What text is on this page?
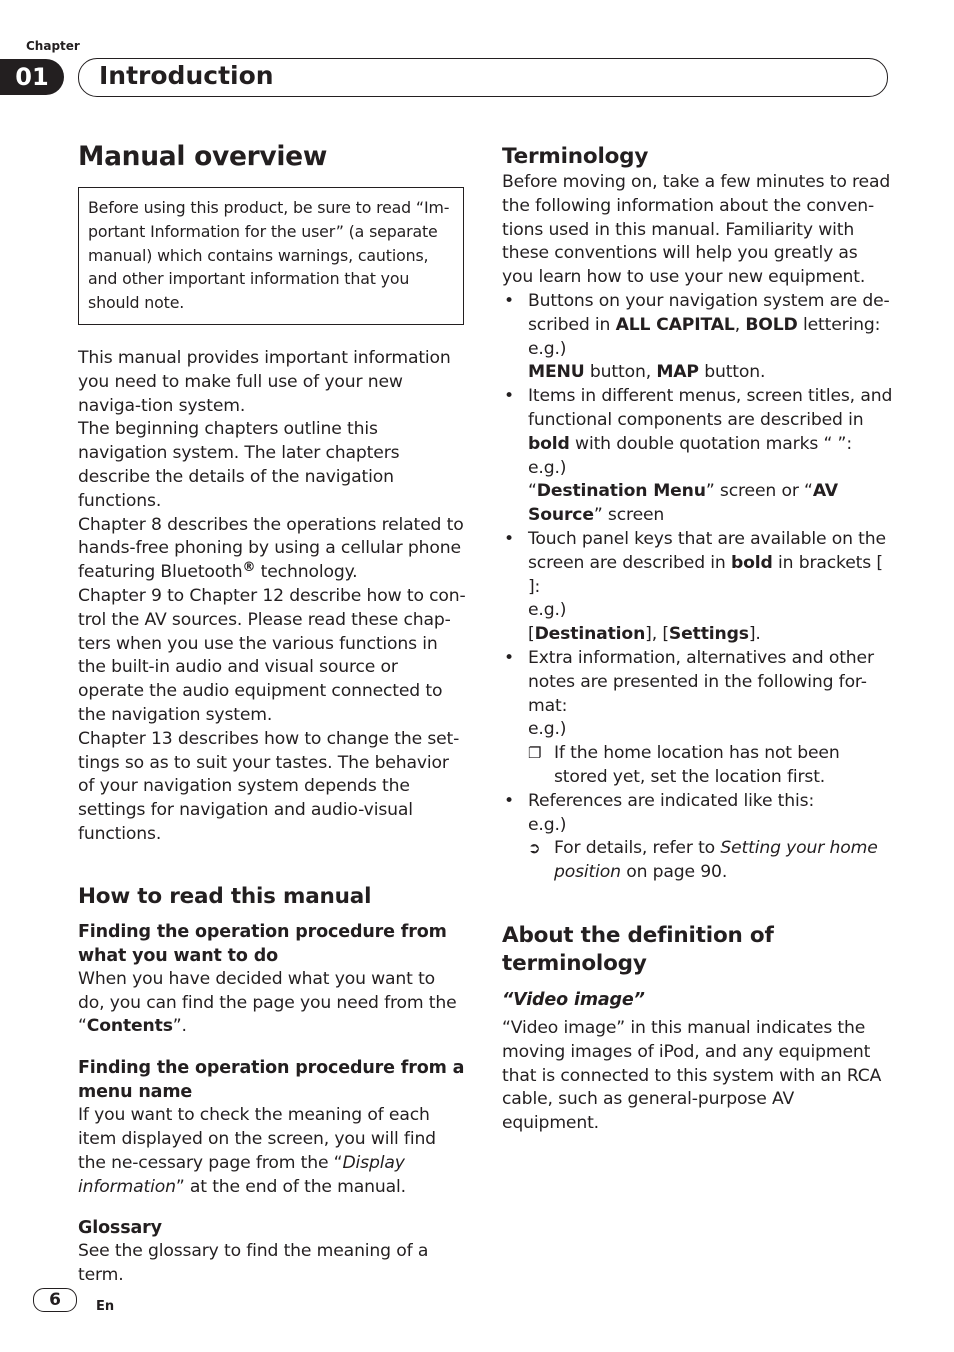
Chapter
01	Introduction
Manual overview
Before using this product, be sure to read “Im-portant Information for the user” (a separate manual) which contains warnings, cautions, and other important information that you should note.

This manual provides important information you need to make full use of your new naviga-tion system.

The beginning chapters outline this navigation system. The later chapters describe the details of the navigation functions.

Chapter 8 describes the operations related to hands-free phoning by using a cellular phone featuring Bluetooth® technology.

Chapter 9 to Chapter 12 describe how to con-trol the AV sources. Please read these chap-ters when you use the various functions in the built-in audio and visual source or operate the audio equipment connected to the navigation system.

Chapter 13 describes how to change the set-tings so as to suit your tastes. The behavior of your navigation system depends the settings for navigation and audio-visual functions.

How to read this manual
Finding the operation procedure from what you want to do

When you have decided what you want to do, you can find the page you need from the “Contents”.

Finding the operation procedure from a menu name

If you want to check the meaning of each item displayed on the screen, you will find the ne-cessary page from the “Display information” at the end of the manual.

Glossary

See the glossary to find the meaning of a term.

Terminology

Before moving on, take a few minutes to read the following information about the conven-tions used in this manual. Familiarity with these conventions will help you greatly as you learn how to use your new equipment.

• Buttons on your navigation system are de-scribed in ALL CAPITAL, BOLD lettering:
e.g.)
MENU button, MAP button.
• Items in different menus, screen titles, and functional components are described in bold with double quotation marks “ ”:
e.g.)
“Destination Menu” screen or “AV Source” screen
• Touch panel keys that are available on the screen are described in bold in brackets [ ]:
e.g.)
[Destination], [Settings].
• Extra information, alternatives and other notes are presented in the following for-mat:
e.g.)
❐ If the home location has not been stored yet, set the location first.
• References are indicated like this:
e.g.)
➲ For details, refer to Setting your home position on page 90.
About the definition of terminology
“Video image”

“Video image” in this manual indicates the moving images of iPod, and any equipment that is connected to this system with an RCA cable, such as general-purpose AV equipment.

6	En
